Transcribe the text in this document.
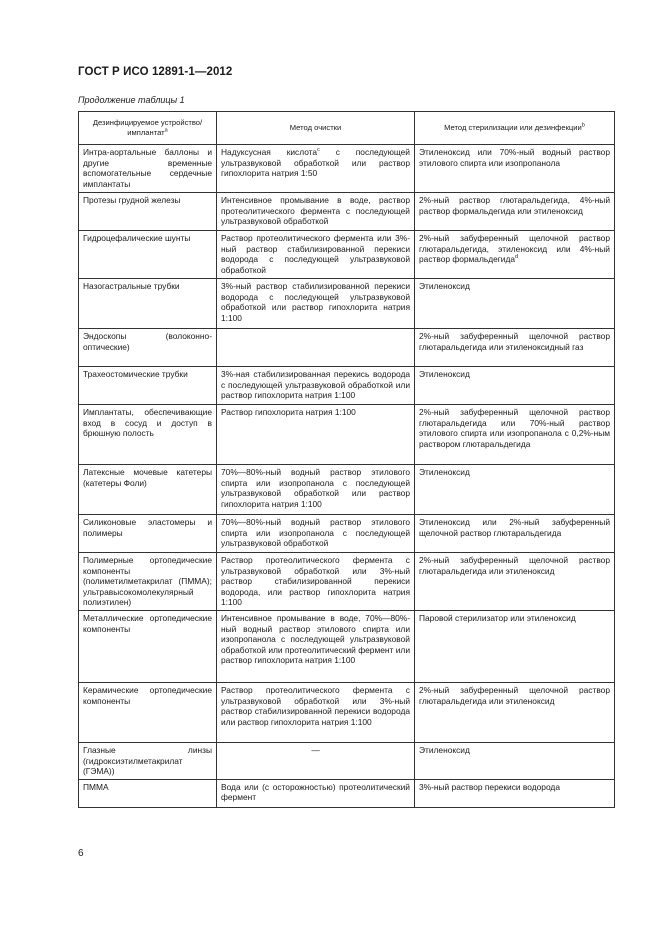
ГОСТ Р ИСО 12891-1—2012
Продолжение таблицы 1
Дезинфицируемое устройство/имплантат$^a$	Метод очистки	Метод стерилизации или дезинфекции$^b$
Интра-аортальные баллоны и другие временные вспомогательные сердечные имплантаты	Надуксусная кислота$^c$ с последующей ультразвуковой обработкой или раствор гипохлорита натрия 1:50	Этиленоксид или 70%-ный водный раствор этилового спирта или изопропанола
Протезы грудной железы	Интенсивное промывание в воде, раствор протеолитического фермента с последующей ультразвуковой обработкой	2%-ный раствор глютаральдегида, 4%-ный раствор формальдегида или этиленоксид
Гидроцефалические шунты	Раствор протеолитического фермента или 3%-ный раствор стабилизированной перекиси водорода с последующей ультразвуковой обработкой	2%-ный забуференный щелочной раствор глютаральдегида, этиленоксид или 4%-ный раствор формальдегида$^d$
Назогастральные трубки	3%-ный раствор стабилизированной перекиси водорода с последующей ультразвуковой обработкой или раствор гипохлорита натрия 1:100	Этиленоксид
Эндоскопы (волоконно-оптические)		2%-ный забуференный щелочной раствор глютаральдегида или этиленоксидный газ
Трахеостомические трубки	3%-ная стабилизированная перекись водорода с последующей ультразвуковой обработкой или раствор гипохлорита натрия 1:100	Этиленоксид
Имплантаты, обеспечивающие вход в сосуд и доступ в брюшную полость	Раствор гипохлорита натрия 1:100	2%-ный забуференный щелочной раствор глютаральдегида или 70%-ный раствор этилового спирта или изопропанола с 0,2%-ным раствором глютаральдегида
Латексные мочевые катетеры (катетеры Фоли)	70%—80%-ный водный раствор этилового спирта или изопропанола с последующей ультразвуковой обработкой или раствор гипохлорита натрия 1:100	Этиленоксид
Силиконовые эластомеры и полимеры	70%—80%-ный водный раствор этилового спирта или изопропанола с последующей ультразвуковой обработкой	Этиленоксид или 2%-ный забуференный щелочной раствор глютаральдегида
Полимерные ортопедические компоненты (полиметилметакрилат (ПММА); ультравысокомолекулярный полиэтилен)	Раствор протеолитического фермента с ультразвуковой обработкой или 3%-ный раствор стабилизированной перекиси водорода, или раствор гипохлорита натрия 1:100	2%-ный забуференный щелочной раствор глютаральдегида или этиленоксид
Металлические ортопедические компоненты	Интенсивное промывание в воде, 70%—80%-ный водный раствор этилового спирта или изопропанола с последующей ультразвуковой обработкой или протеолитический фермент или раствор гипохлорита натрия 1:100	Паровой стерилизатор или этиленоксид
Керамические ортопедические компоненты	Раствор протеолитического фермента с ультразвуковой обработкой или 3%-ный раствор стабилизированной перекиси водорода или раствор гипохлорита натрия 1:100	2%-ный забуференный щелочной раствор глютаральдегида или этиленоксид
Глазные линзы (гидроксиэтилметакрилат (ГЭМА))	—	Этиленоксид
ПММА	Вода или (с осторожностью) протеолитический фермент	3%-ный раствор перекиси водорода
6
